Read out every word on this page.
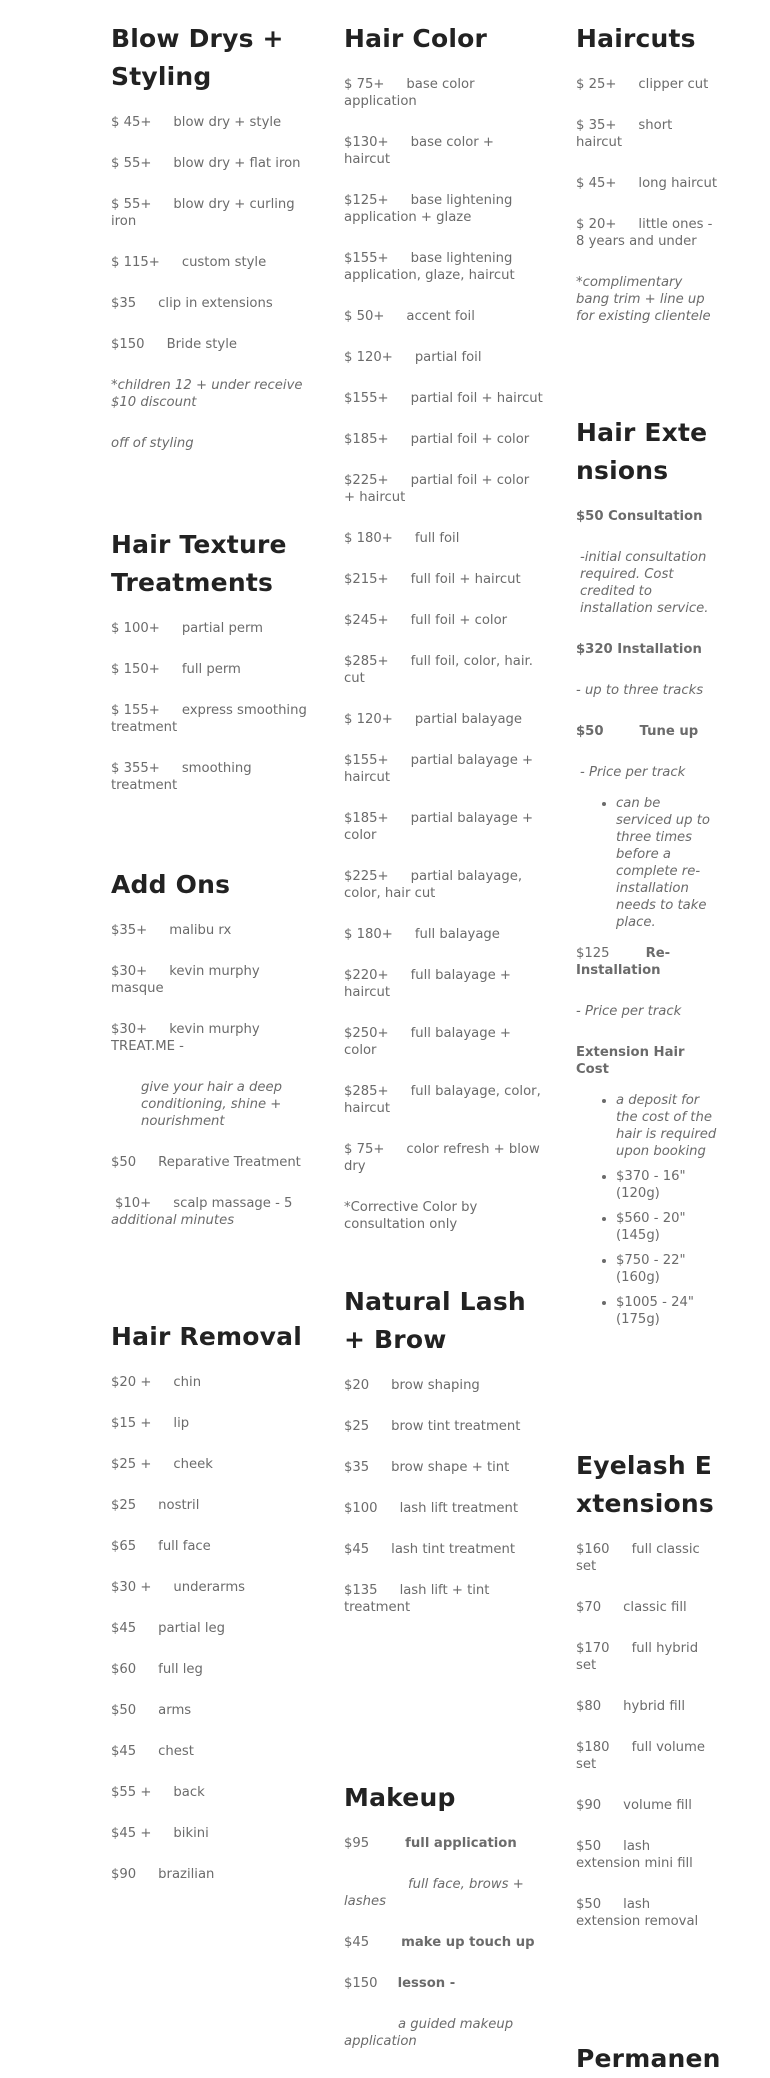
Blow Drys + Styling
$ 45+ blow dry + style
$ 55+ blow dry + flat iron
$ 55+ blow dry + curling iron
$ 115+ custom style
$35 clip in extensions
$150 Bride style
*children 12 + under receive $10 discount
off of styling
Hair Texture Treatments
$ 100+ partial perm
$ 150+ full perm
$ 155+ express smoothing treatment
$ 355+ smoothing treatment
Add Ons
$35+ malibu rx
$30+ kevin murphy masque
$30+ kevin murphy TREAT.ME -
give your hair a deep conditioning, shine + nourishment
$50 Reparative Treatment
$10+ scalp massage - 5
additional minutes
Hair Removal
$20 + chin
$15 + lip
$25 + cheek
$25 nostril
$65 full face
$30 + underarms
$45 partial leg
$60 full leg
$50 arms
$45 chest
$55 + back
$45 + bikini
$90 brazilian
Hair Color
$ 75+ base color application
$130+ base color + haircut
$125+ base lightening application + glaze
$155+ base lightening application, glaze, haircut
$ 50+ accent foil
$ 120+ partial foil
$155+ partial foil + haircut
$185+ partial foil + color
$225+ partial foil + color + haircut
$ 180+ full foil
$215+ full foil + haircut
$245+ full foil + color
$285+ full foil, color, hair. cut
$ 120+ partial balayage
$155+ partial balayage + haircut
$185+ partial balayage + color
$225+ partial balayage, color, hair cut
$ 180+ full balayage
$220+ full balayage + haircut
$250+ full balayage + color
$285+ full balayage, color, haircut
$ 75+ color refresh + blow dry
*Corrective Color by consultation only
Natural Lash + Brow
$20 brow shaping
$25 brow tint treatment
$35 brow shape + tint
$100 lash lift treatment
$45 lash tint treatment
$135 lash lift + tint treatment
Makeup
$95	full application
full face, brows + lashes
$45 make up touch up
$150 lesson -
a guided makeup application
Haircuts
$ 25+ clipper cut
$ 35+ short haircut
$ 45+ long haircut
$ 20+ little ones - 8 years and under
*complimentary bang trim + line up for existing clientele
Hair Extensions
$50 Consultation
-initial consultation required. Cost credited to installation service.
$320 Installation
- up to three tracks
$50	Tune up
- Price per track
• can be serviced up to three times before a complete re-installation needs to take place.
$125	Re-Installation
- Price per track
Extension Hair Cost
• a deposit for the cost of the hair is required upon booking
• $370 - 16" (120g)
• $560 - 20" (145g)
• $750 - 22" (160g)
• $1005 - 24" (175g)
Eyelash Extensions
$160 full classic set
$70 classic fill
$170 full hybrid set
$80 hybrid fill
$180 full volume set
$90 volume fill
$50 lash extension mini fill
$50 lash extension removal
Permanen
